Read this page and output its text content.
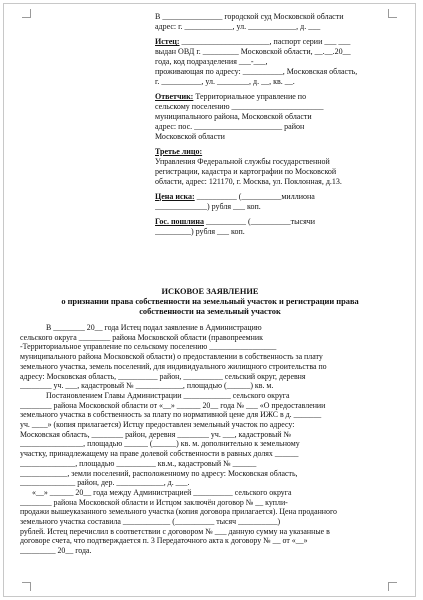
В _______________ городской суд Московской области
адрес: г. ____________, ул. ____________, д. ___
Истец: ______________________, паспорт серии ___ ___
выдан ОВД г. _________ Московской области, __.__.20__
года, код подразделения ___-___,
проживающая по адресу: __________, Московская область,
г. __________, ул. ________, д. __, кв. __.
Ответчик: Территориальное управление по
сельскому поселению _______________________
муниципального района, Московской области
адрес: пос. ______________________ район
Московской области
Третье лицо:
Управления Федеральной службы государственной
регистрации, кадастра и картографии по Московской
области, адрес: 121170, г. Москва, ул. Поклонная, д.13.
Цена иска: __________ (__________миллиона
_____________) рубля ___ коп.
Гос. пошлина __________ (__________тысячи
_________) рубля ___ коп.
ИСКОВОЕ ЗАЯВЛЕНИЕ
о признании права собственности на земельный участок и регистрации права
собственности на земельный участок
В ________ 20__ года Истец подал заявление в Администрацию
сельского округа ________ района Московской области (правопреемник
-Территориальное управление по сельскому поселению _________________
муниципального района Московской области) о предоставлении в собственность за плату
земельного участка, земель поселений, для индивидуального жилищного строительства по
адресу: Московская область, __________ район, __________ сельский округ, деревня
________ уч. ___, кадастровый № ____________, площадью (______) кв. м.
Постановлением Главы Администрации ____________ сельского округа
________ района Московской области от «__» ______ 20__ года № ___ «О предоставлении
земельного участка в собственность за плату по нормативной цене для ИЖС в д. _______
уч. ____» (копия прилагается) Истцу предоставлен земельный участок по адресу:
Московская область, ________ район, деревня ________ уч. ___, кадастровый №
________________, площадью ______ (______) кв. м. дополнительно к земельному
участку, принадлежащему на праве долевой собственности в равных долях ______
______________, площадью __________ кв.м., кадастровый № ______
____________, земли поселений, расположенному по адресу: Московская область,
______________ район, дер. ____________, д. ___.
«__» ______ 20__ года между Администрацией __________ сельского округа
________ района Московской области и Истцом заключён договор № __ купли-
продажи вышеуказанного земельного участка (копия договора прилагается). Цена проданного
земельного участка составила ____________ (__________ тысяч __________)
рублей. Истец перечислил в соответствии с договором № ___ данную сумму на указанные в
договоре счета, что подтверждается п. 3 Передаточного акта к договору № __ от «__»
_________ 20__ года.
